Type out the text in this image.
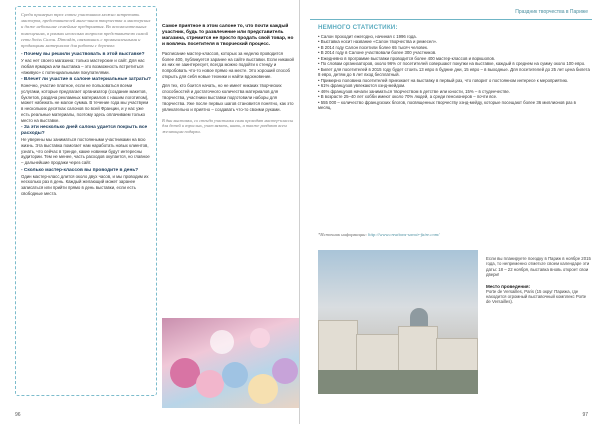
Среди примерно трех сотен участников можно встретить мастеров, представителей мага-зинов творчества и мастерских и даже небольшие семейные предприятия. Во вспомогательных помещениях, в рамках несколько вопросов представителю самой сети Swiss Салон. Dimoskin, связавшись с промышленными и продавцами материалов для работы с деревом:

- Почему вы решили участвовать в этой выставке?

У нас нет своего магазина: только мастерские и сайт. Для нас любая ярмарка или выставка – это возможность встретиться «вживую» с потенциальными покупателями.

- Влечет ли участие в салоне материальные затраты?

Конечно, участие платное, если не пользоваться всеми услугами, которые предлагает организатор (создание макетов, буклетов, раздача рекламных материалов с нашим логотипом), может набежать не малое сумма. В течение года мы участвуем в нескольких десятках салонов по всей Франции, и у нас уже есть реальные материалы, поэтому здесь оплачиваем только место на выставке.

- За эти несколько дней салона удается покрыть все расходы?

Не уверены мы заниматься постоянными участниками на всю жизнь. Эта выставка помогает нам наработать новых клиентов, узнать, что сейчас в тренде, какие новинки будут интересны аудитории. Тем не менее, часть расходов окупается, но главное – дальнейшие продажи через сайт.

- Сколько мастер-классов вы проводите в день?

Один мастер-класс длится около двух часов, и мы проводим их несколько раз в день. Каждый желающий может заранее записаться или прийти прямо в день выставки, если есть свободные места.

Самое приятное в этом салоне то, что почти каждый участник, будь то развлечение или представитель магазина, стремится не просто продать свой товар, но и вовлечь посетителя в творческий процесс.

Расписание мастер-классов, которых за неделю проводится более 400, публикуется заранее на сайте выставки. Если никакой из них не заинтересует, всегда можно подойти к стенду и попробовать что-то новое прямо на месте. Это хороший способ открыть для себя новые техники и найти вдохновение.

Для тех, кто боится начать, но не имеет никаких творческих способностей и достаточного количества материалов для творчества, участники выставки подготовили наборы для творчества. Уже после первых шагов становится понятно, как это увлекательно и приятно – создавать что-то своими руками.

В дни выставки, со стенда участники сами проводят мастер-классы для детей и взрослых, учат вязать, шить, а также раздают всем желающим подарки.

96
Праздник творчества в Париже
НЕМНОГО СТАТИСТИКИ:

• Салон проходит ежегодно, начиная с 1996 года.

• Выставка носит название «Салон творчества и ремесел».

• В 2014 году Салон посетили более 65 тысяч человек.

• В 2014 году в Салоне участвовали более 300 участников.

• Ежедневно в программе выставки проводится более 400 мастер-классов и воркшопов.

• По словам организаторов, около 96% от посетителей совершают покупки на выставке, каждый в среднем на сумму около 100 евро.

• Билет для посетителей в 2015 году будет стоить 13 евро в будние дни, 15 евро – в выходные. Для посетителей до 25 лет цена билета 8 евро, детям до 6 лет вход бесплатный.

• Примерно половина посетителей приезжает на выставку в первый раз, что говорит о постоянном интересе к мероприятию.

• 61% французов увлекаются хэнд-мейдом.

• 46% французов начали заниматься творчеством в детстве или юности, 15% – в студенчестве.

• В возрасте 25–40 лет хобби имеют около 70% людей, а среди пенсионеров – почти все.

• 555 000 – количество французских блогов, посвященных творчеству хэнд-мейду, которые посещают более 36 миллионов раз в месяц.

*Источник информации: http://www.creations-savoir-faire.com/

Если вы планируете поездку в Париж в ноябре 2015 года, то непременно отметьте своем календаре эти даты: 18 – 22 ноября, выставка вновь откроет свои двери!

Место проведения:

Porte de Versailles, Paris (15 округ Парижа, где находится огромный выставочный комплекс Porte de Versailles).

97
